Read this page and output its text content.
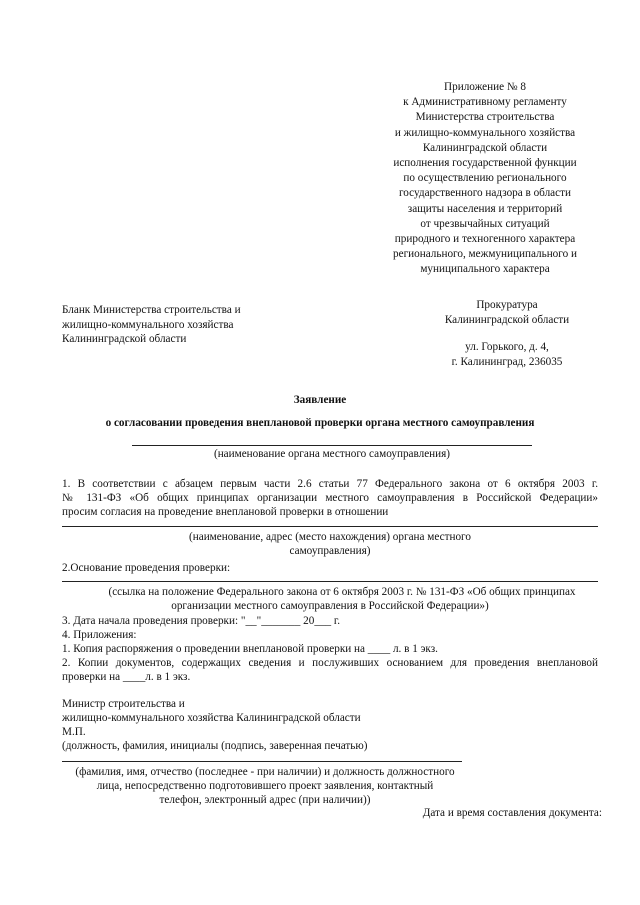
Приложение № 8
к Административному регламенту
Министерства строительства
и жилищно-коммунального хозяйства
Калининградской области
исполнения государственной функции
по осуществлению регионального
государственного надзора в области
защиты населения и территорий
от чрезвычайных ситуаций
природного и техногенного характера
регионального, межмуниципального и
муниципального характера
Бланк Министерства строительства и
жилищно-коммунального хозяйства
Калининградской области
Прокуратура
Калининградской области
ул. Горького, д. 4,
г. Калининград, 236035
Заявление
о согласовании проведения внеплановой проверки органа местного самоуправления
(наименование органа местного самоуправления)
1. В соответствии с абзацем первым части 2.6 статьи 77 Федерального закона от 6 октября 2003 г.
№ 131-ФЗ «Об общих принципах организации местного самоуправления в Российской Федерации»
просим согласия на проведение внеплановой проверки в отношении
(наименование, адрес (место нахождения) органа местного
самоуправления)
2.Основание проведения проверки:
(ссылка на положение Федерального закона от 6 октября 2003 г. № 131-ФЗ «Об общих принципах
организации местного самоуправления в Российской Федерации»)
3. Дата начала проведения проверки: "__"_______ 20___ г.
4. Приложения:
1. Копия распоряжения о проведении внеплановой проверки на ____ л. в 1 экз.
2. Копии документов, содержащих сведения и послуживших основанием для проведения внеплановой
проверки на ____л. в 1 экз.
Министр строительства и
жилищно-коммунального хозяйства Калининградской области
М.П.
(должность, фамилия, инициалы (подпись, заверенная печатью)
(фамилия, имя, отчество (последнее - при наличии) и должность должностного
лица, непосредственно подготовившего проект заявления, контактный
телефон, электронный адрес (при наличии))
Дата и время составления документа:
